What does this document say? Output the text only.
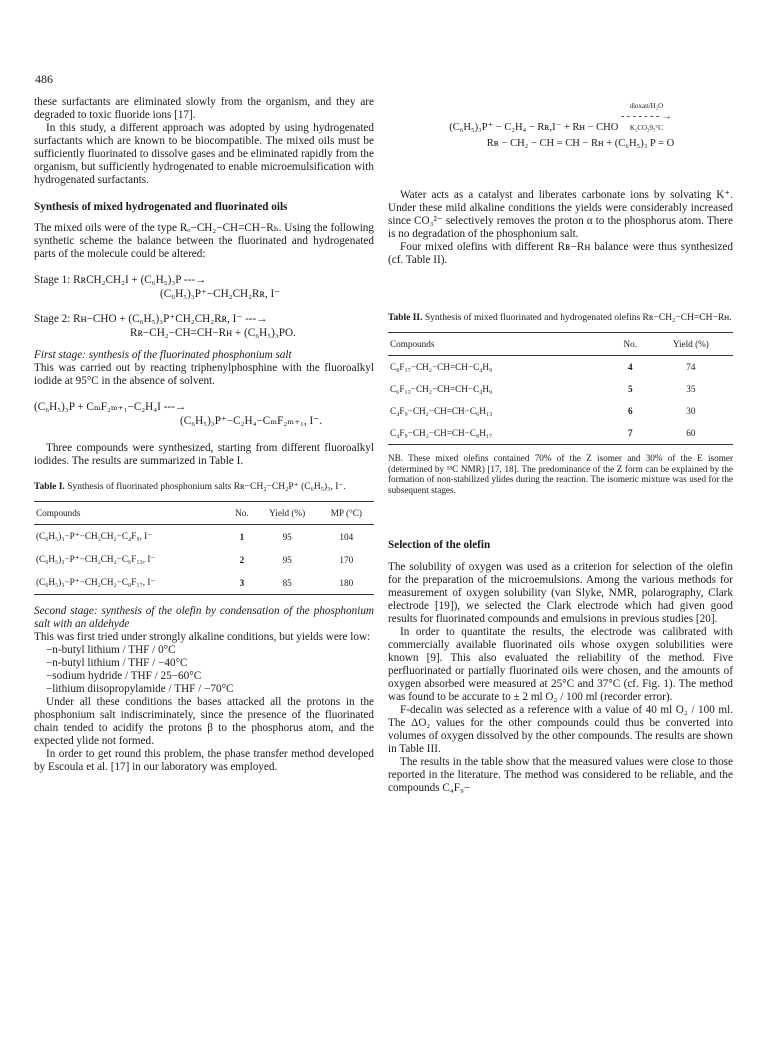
486

these surfactants are eliminated slowly from the organism, and they are degraded to toxic fluoride ions [17].

In this study, a different approach was adopted by using hydrogenated surfactants which are known to be biocompatible. The mixed oils must be sufficiently fluorinated to dissolve gases and be eliminated rapidly from the organism, but sufficiently hydrogenated to enable microemulsification with hydrogenated surfactants.

Synthesis of mixed hydrogenated and fluorinated oils

The mixed oils were of the type Rₒ−CH₂−CH=CH−Rₕ. Using the following synthetic scheme the balance between the fluorinated and hydrogenated parts of the molecule could be altered:

Stage 1: RʀCH₂CH₂I + (C₆H₅)₃P ---→
(C₆H₅)₃P⁺−CH₂CH₂Rʀ, I⁻
Stage 2: Rʜ−CHO + (C₆H₅)₃P⁺CH₂CH₂Rʀ, I⁻ ---→
Rʀ−CH₂−CH=CH−Rʜ + (C₆H₅)₃PO.

First stage: synthesis of the fluorinated phosphonium salt

This was carried out by reacting triphenylphosphine with the fluoroalkyl iodide at 95°C in the absence of solvent.

(C₆H₅)₃P + CₘF₂ₘ₊₁−C₂H₄I ---→
(C₆H₅)₃P⁺−C₂H₄−CₘF₂ₘ₊₁, I⁻.

Three compounds were synthesized, starting from different fluoroalkyl iodides. The results are summarized in Table I.

Table I. Synthesis of fluorinated phosphonium salts Rʀ−CH₂−CH₂P⁺ (C₆H₅)₃, I⁻.
Compounds	No.	Yield (%)	MP (°C)
(C₆H₅)₃−P⁺−CH₂CH₂−C₄F₉, I⁻	1	95	104
(C₆H₅)₃−P⁺−CH₂CH₂−C₆F₁₃, I⁻	2	95	170
(C₆H₅)₃−P⁺−CH₂CH₂−C₈F₁₇, I⁻	3	85	180

Second stage: synthesis of the olefin by condensation of the phosphonium salt with an aldehyde

This was first tried under strongly alkaline conditions, but yields were low:

−n-butyl lithium / THF / 0°C
−n-butyl lithium / THF / −40°C
−sodium hydride / THF / 25−60°C
−lithium diisopropylamide / THF / −70°C

Under all these conditions the bases attacked all the protons in the phosphonium salt indiscriminately, since the presence of the fluorinated chain tended to acidify the protons β to the phosphorus atom, and the expected ylide not formed.

In order to get round this problem, the phase transfer method developed by Escoula et al. [17] in our laboratory was employed.

(C₆H₅)₃P⁺ − C₂H₄ − Rʀ,I⁻ + Rʜ − CHO
dioxan/H₂O
- - - - - - - →
K₂CO₃9₅°C
Rʀ − CH₂ − CH = CH − Rʜ + (C₆H₅)₃ P = O

Water acts as a catalyst and liberates carbonate ions by solvating K⁺. Under these mild alkaline conditions the yields were considerably increased since CO₃²⁻ selectively removes the proton α to the phosphorus atom. There is no degradation of the phosphonium salt.

Four mixed olefins with different Rʀ−Rʜ balance were thus synthesized (cf. Table II).

Table II. Synthesis of mixed fluorinated and hydrogenated olefins Rʀ−CH₂−CH=CH−Rʜ.
Compounds	No.	Yield (%)
C₈F₁₇−CH₂−CH=CH−C₄H₉	4	74
C₆F₁₃−CH₂−CH=CH−C₄H₉	5	35
C₄F₉−CH₂−CH=CH−C₆H₁₃	6	30
C₄F₉−CH₂−CH=CH−C₈H₁₇	7	60

NB. These mixed olefins contained 70% of the Z isomer and 30% of the E isomer (determined by ¹³C NMR) [17, 18]. The predominance of the Z form can be explained by the formation of non-stabilized ylides during the reaction. The isomeric mixture was used for the subsequent stages.

Selection of the olefin

The solubility of oxygen was used as a criterion for selection of the olefin for the preparation of the microemulsions. Among the various methods for measurement of oxygen solubility (van Slyke, NMR, polarography, Clark electrode [19]), we selected the Clark electrode which had given good results for fluorinated compounds and emulsions in previous studies [20].

In order to quantitate the results, the electrode was calibrated with commercially available fluorinated oils whose oxygen solubilities were known [9]. This also evaluated the reliability of the method. Five perfluorinated or partially fluorinated oils were chosen, and the amounts of oxygen absorbed were measured at 25°C and 37°C (cf. Fig. 1). The method was found to be accurate to ± 2 ml O₂ / 100 ml (recorder error).

F-decalin was selected as a reference with a value of 40 ml O₂ / 100 ml. The ΔO₂ values for the other compounds could thus be converted into volumes of oxygen dissolved by the other compounds. The results are shown in Table III.

The results in the table show that the measured values were close to those reported in the literature. The method was considered to be reliable, and the compounds C₄F₉−
